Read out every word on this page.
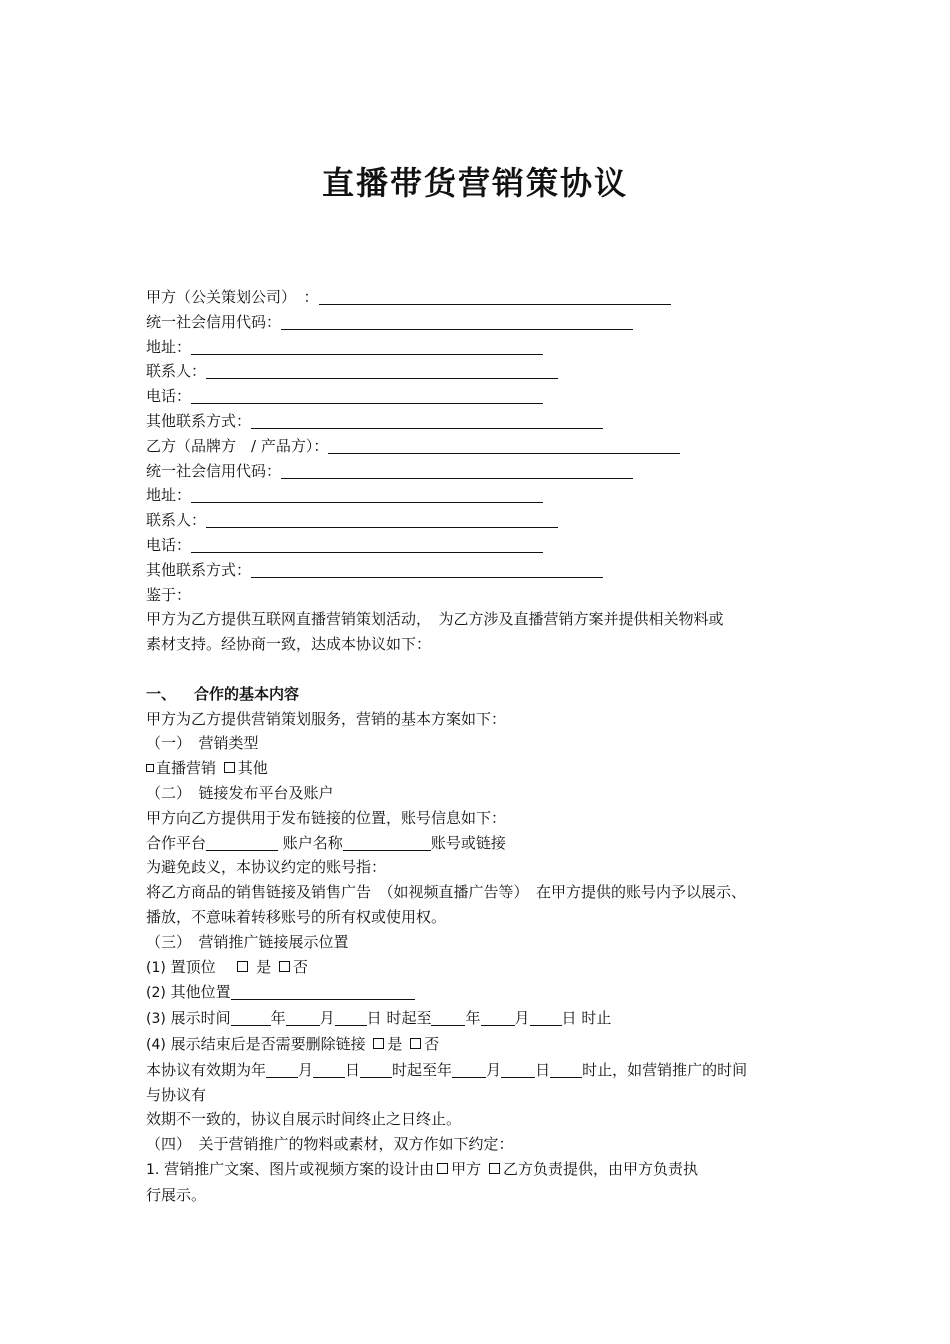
直播带货营销策协议
甲方（公关策划公司）　：
统一社会信用代码：
地址：
联系人：
电话：
其他联系方式：
乙方（品牌方　/ 产品方）：
统一社会信用代码：
地址：
联系人：
电话：
其他联系方式：
鉴于：
甲方为乙方提供互联网直播营销策划活动，　为乙方涉及直播营销方案并提供相关物料或
素材支持。经协商一致，达成本协议如下：
一、 合作的基本内容
甲方为乙方提供营销策划服务，营销的基本方案如下：
（一）　营销类型
直播营销 其他
（二）　链接发布平台及账户
甲方向乙方提供用于发布链接的位置，账号信息如下：
合作平台	账户名称	账号或链接
为避免歧义，本协议约定的账号指：
将乙方商品的销售链接及销售广告　（如视频直播广告等）　在甲方提供的账号内予以展示、
播放，不意味着转移账号的所有权或使用权。
（三）　营销推广链接展示位置
(1) 置顶位	是 否
(2) 其他位置
(3) 展示时间	年 月 日 时起至 年 月 日 时止
(4) 展示结束后是否需要删除链接 是 否
本协议有效期为年 月 日 时起至年 月 日 时止，如营销推广的时间
与协议有
效期不一致的，协议自展示时间终止之日终止。
（四）　关于营销推广的物料或素材，双方作如下约定：
1. 营销推广文案、图片或视频方案的设计由 甲方 乙方负责提供，由甲方负责执
行展示。
